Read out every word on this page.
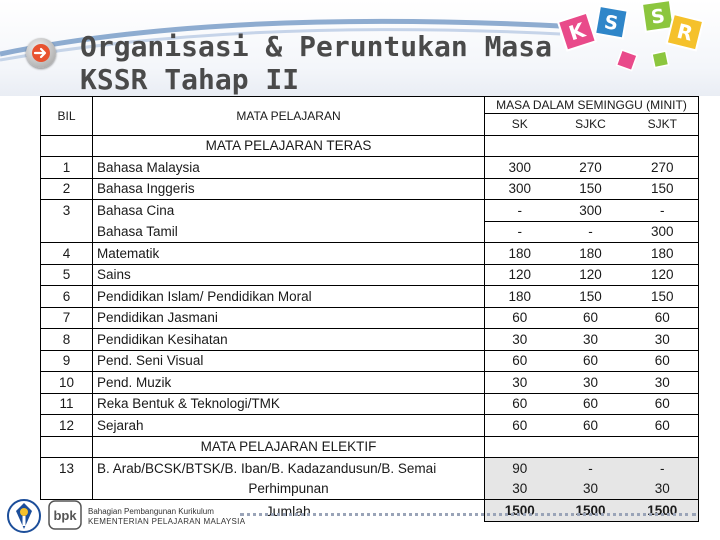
Organisasi & Peruntukan Masa
KSSR Tahap II
K S S
R
BIL	MATA PELAJARAN	MASA DALAM SEMINGGU (MINIT)		
		SK	SJKC	SJKT
	MATA PELAJARAN TERAS			
1	Bahasa Malaysia	300	270	270
2	Bahasa Inggeris	300	150	150
3	Bahasa Cina	-	300	-
	Bahasa Tamil	-	-	300
4	Matematik	180	180	180
5	Sains	120	120	120
6	Pendidikan Islam/ Pendidikan Moral	180	150	150
7	Pendidikan Jasmani	60	60	60
8	Pendidikan Kesihatan	30	30	30
9	Pend. Seni Visual	60	60	60
10	Pend. Muzik	30	30	30
11	Reka Bentuk & Teknologi/TMK	60	60	60
12	Sejarah	60	60	60
	MATA PELAJARAN ELEKTIF			
13	B. Arab/BCSK/BTSK/B. Iban/B. Kadazandusun/B. Semai	90	-	-
	Perhimpunan	30	30	30
	Jumlah	1500	1500	1500
bpk Bahagian Pembangunan Kurikulum
KEMENTERIAN PELAJARAN MALAYSIA
